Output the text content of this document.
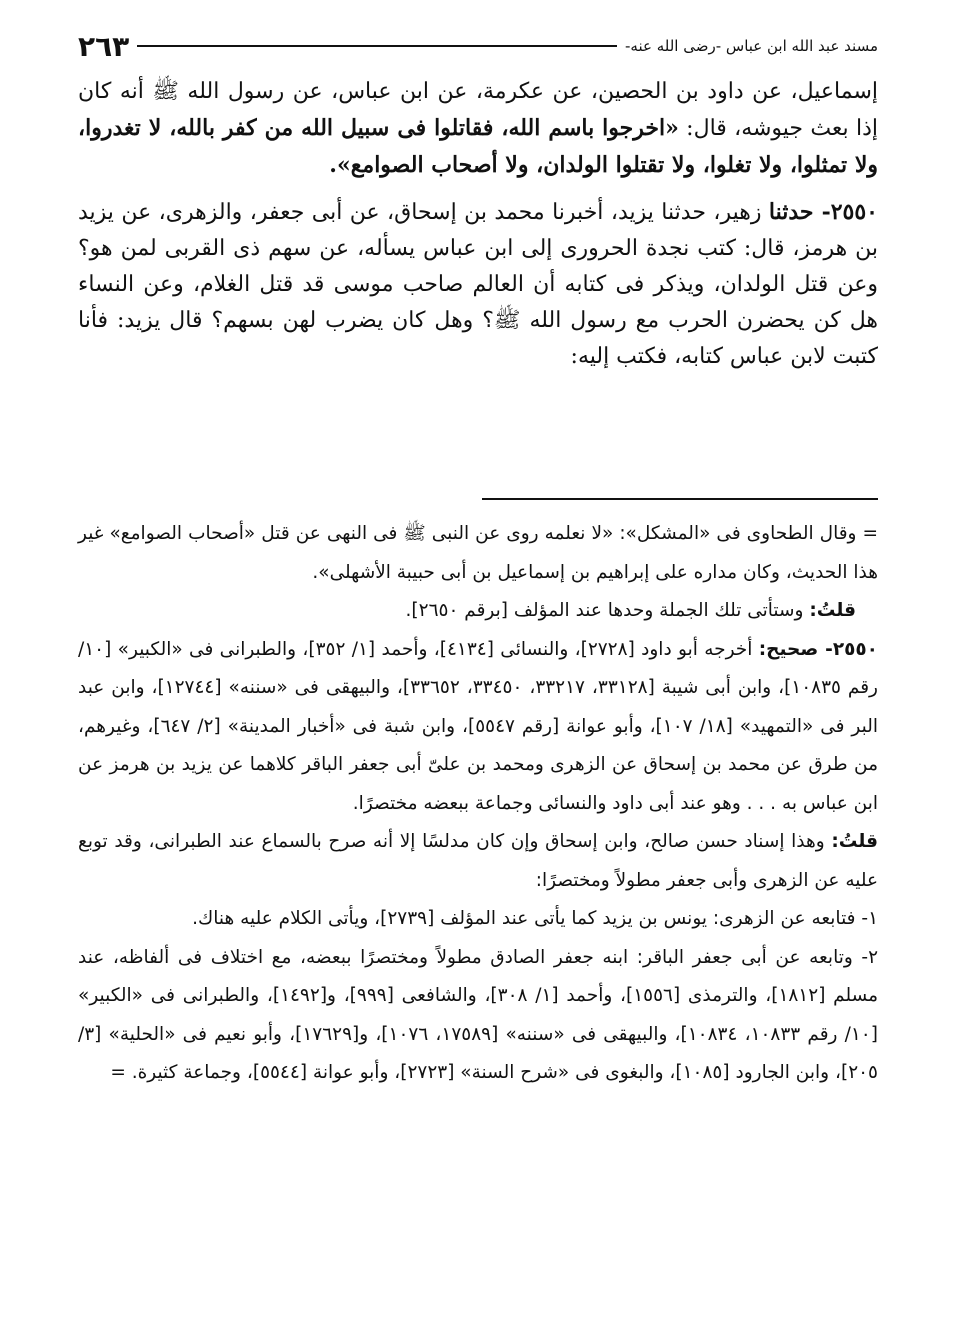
مسند عبد الله ابن عباس -رضى الله عنه-
٢٦٣

إسماعيل، عن داود بن الحصين، عن عكرمة، عن ابن عباس، عن رسول الله ﷺ أنه كان إذا بعث جيوشه، قال: «اخرجوا باسم الله، فقاتلوا فى سبيل الله من كفر بالله، لا تغدروا، ولا تمثلوا، ولا تغلوا، ولا تقتلوا الولدان، ولا أصحاب الصوامع».

٢٥٥٠- حدثنا زهير، حدثنا يزيد، أخبرنا محمد بن إسحاق، عن أبى جعفر، والزهرى، عن يزيد بن هرمز، قال: كتب نجدة الحرورى إلى ابن عباس يسأله، عن سهم ذى القربى لمن هو؟ وعن قتل الولدان، ويذكر فى كتابه أن العالم صاحب موسى قد قتل الغلام، وعن النساء هل كن يحضرن الحرب مع رسول الله ﷺ؟ وهل كان يضرب لهن بسهم؟ قال يزيد: فأنا كتبت لابن عباس كتابه، فكتب إليه:

= وقال الطحاوى فى «المشكل»: «لا نعلمه روى عن النبى ﷺ فى النهى عن قتل «أصحاب الصوامع» غير هذا الحديث، وكان مداره على إبراهيم بن إسماعيل بن أبى حبيبة الأشهلى».

قلتُ: وستأتى تلك الجملة وحدها عند المؤلف [برقم ٢٦٥٠].

٢٥٥٠- صحيح: أخرجه أبو داود [٢٧٢٨]، والنسائى [٤١٣٤]، وأحمد [١/ ٣٥٢]، والطبرانى فى «الكبير» [١٠/ رقم ١٠٨٣٥]، وابن أبى شيبة [٣٣١٢٨، ٣٣٢١٧، ٣٣٤٥٠، ٣٣٦٥٢]، والبيهقى فى «سننه» [١٢٧٤٤]، وابن عبد البر فى «التمهيد» [١٨/ ١٠٧]، وأبو عوانة [رقم ٥٥٤٧]، وابن شبة فى «أخبار المدينة» [٢/ ٦٤٧]، وغيرهم، من طرق عن محمد بن إسحاق عن الزهرى ومحمد بن علىّ أبى جعفر الباقر كلاهما عن يزيد بن هرمز عن ابن عباس به . . . وهو عند أبى داود والنسائى وجماعة ببعضه مختصرًا.

قلتُ: وهذا إسناد حسن صالح، وابن إسحاق وإن كان مدلسًا إلا أنه صرح بالسماع عند الطبرانى، وقد توبع عليه عن الزهرى وأبى جعفر مطولاً ومختصرًا:

١- فتابعه عن الزهرى: يونس بن يزيد كما يأتى عند المؤلف [٢٧٣٩]، ويأتى الكلام عليه هناك.

٢- وتابعه عن أبى جعفر الباقر: ابنه جعفر الصادق مطولاً ومختصرًا ببعضه، مع اختلاف فى ألفاظه، عند مسلم [١٨١٢]، والترمذى [١٥٥٦]، وأحمد [١/ ٣٠٨]، والشافعى [٩٩٩]، و[١٤٩٢]، والطبرانى فى «الكبير» [١٠/ رقم ١٠٨٣٣، ١٠٨٣٤]، والبيهقى فى «سننه» [١٧٥٨٩، ١٠٧٦]، و[١٧٦٢٩]، وأبو نعيم فى «الحلية» [٣/ ٢٠٥]، وابن الجارود [١٠٨٥]، والبغوى فى «شرح السنة» [٢٧٢٣]، وأبو عوانة [٥٥٤٤]، وجماعة كثيرة. =
